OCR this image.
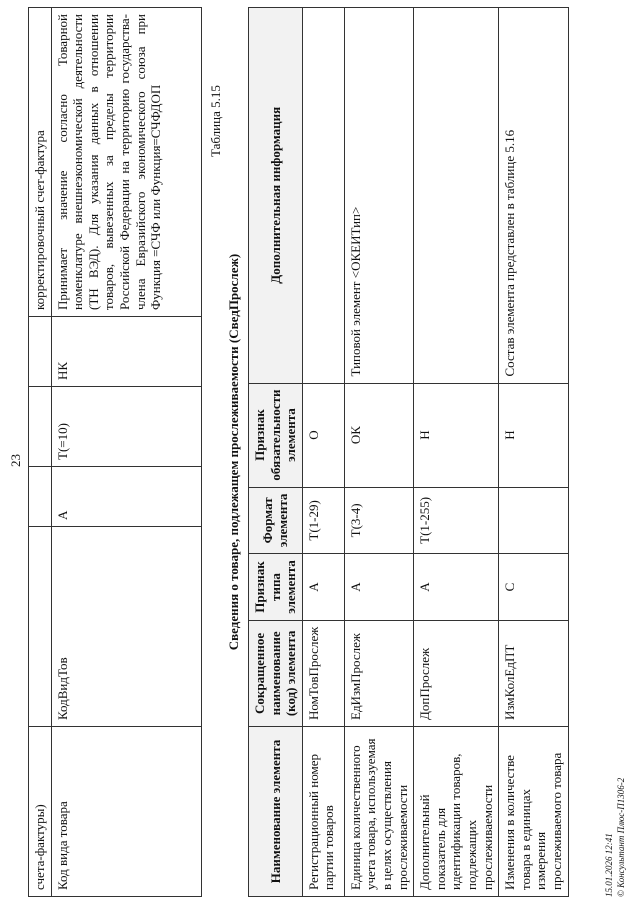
23
счета-фактуры)					корректировочный счет-фактура
Код вида товара	КодВидТов	А	Т(=10)	НК	Принимает значение согласно Товарной номенклатуре внешнеэкономической деятельности (ТН ВЭД). Для указания данных в отношении товаров, вывезенных за пределы территории Российской Федерации на территорию государства-члена Евразийского экономического союза при Функция =СЧФ или Функция=СЧФДОП	Таблица 5.15
Сведения о товаре, подлежащем прослеживаемости (СведПрослеж)
Наименование элемента	Сокращенное наименование (код) элемента	Признак типа элемента	Формат элемента	Признак обязательности элемента	Дополнительная информация
Регистрационный номер партии товаров	НомТовПрослеж	А	Т(1-29)	О	
Единица количественного учета товара, используемая в целях осуществления прослеживаемости	ЕдИзмПрослеж	А	Т(3-4)	ОК	Типовой элемент <ОКЕИТип>
Дополнительный показатель для идентификации товаров, подлежащих прослеживаемости	ДопПрослеж	А	Т(1-255)	Н	
Изменения в количестве товара в единицах измерения прослеживаемого товара	ИзмКолЕдПТ	С		Н	Состав элемента представлен в таблице 5.16
15.01.2026 12:41 © Консультант Плюс-П1306-2
